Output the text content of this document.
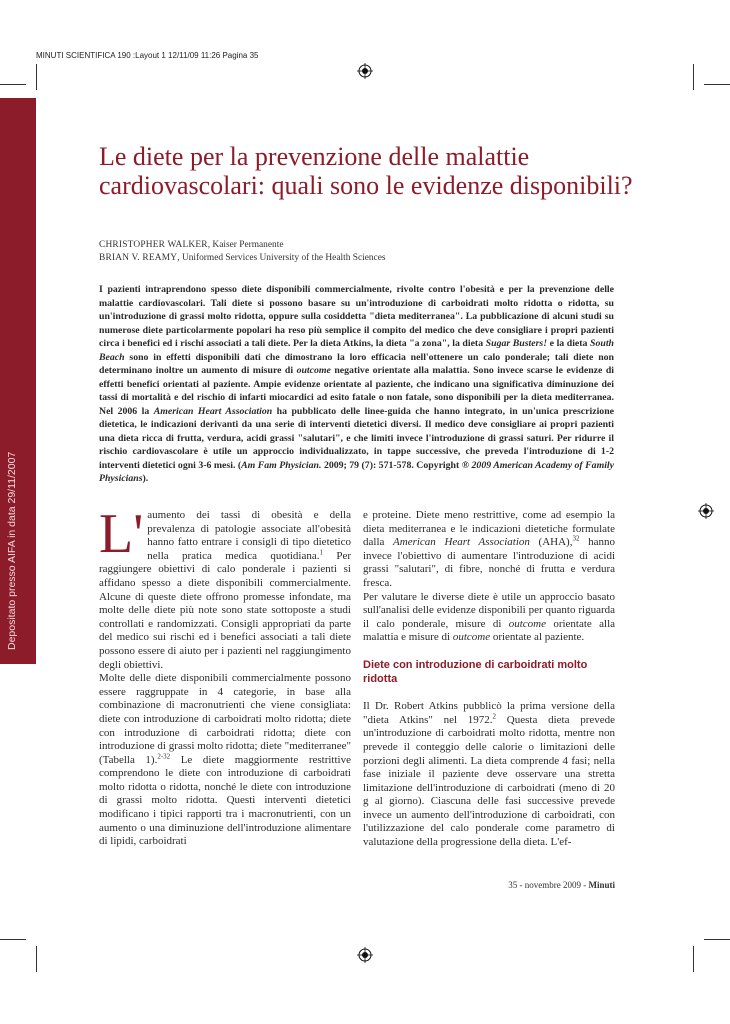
MINUTI SCIENTIFICA 190 :Layout 1 12/11/09 11:26 Pagina 35
Depositato presso AIFA in data 29/11/2007
Le diete per la prevenzione delle malattie cardiovascolari: quali sono le evidenze disponibili?
CHRISTOPHER WALKER, Kaiser Permanente
BRIAN V. REAMY, Uniformed Services University of the Health Sciences

I pazienti intraprendono spesso diete disponibili commercialmente, rivolte contro l'obesità e per la prevenzione delle malattie cardiovascolari. Tali diete si possono basare su un'introduzione di carboidrati molto ridotta o ridotta, su un'introduzione di grassi molto ridotta, oppure sulla cosiddetta "dieta mediterranea". La pubblicazione di alcuni studi su numerose diete particolarmente popolari ha reso più semplice il compito del medico che deve consigliare i propri pazienti circa i benefici ed i rischi associati a tali diete. Per la dieta Atkins, la dieta "a zona", la dieta Sugar Busters! e la dieta South Beach sono in effetti disponibili dati che dimostrano la loro efficacia nell'ottenere un calo ponderale; tali diete non determinano inoltre un aumento di misure di outcome negative orientate alla malattia. Sono invece scarse le evidenze di effetti benefici orientati al paziente. Ampie evidenze orientate al paziente, che indicano una significativa diminuzione dei tassi di mortalità e del rischio di infarti miocardici ad esito fatale o non fatale, sono disponibili per la dieta mediterranea. Nel 2006 la American Heart Association ha pubblicato delle linee-guida che hanno integrato, in un'unica prescrizione dietetica, le indicazioni derivanti da una serie di interventi dietetici diversi. Il medico deve consigliare ai propri pazienti una dieta ricca di frutta, verdura, acidi grassi "salutari", e che limiti invece l'introduzione di grassi saturi. Per ridurre il rischio cardiovascolare è utile un approccio individualizzato, in tappe successive, che preveda l'introduzione di 1-2 interventi dietetici ogni 3-6 mesi. (Am Fam Physician. 2009; 79 (7): 571-578. Copyright ® 2009 American Academy of Family Physicians).

L' aumento dei tassi di obesità e della prevalenza di patologie associate all'obesità hanno fatto entrare i consigli di tipo dietetico nella pratica medica quotidiana.$^1$ Per raggiungere obiettivi di calo ponderale i pazienti si affidano spesso a diete disponibili commercialmente. Alcune di queste diete offrono promesse infondate, ma molte delle diete più note sono state sottoposte a studi controllati e randomizzati. Consigli appropriati da parte del medico sui rischi ed i benefici associati a tali diete possono essere di aiuto per i pazienti nel raggiungimento degli obiettivi.

Molte delle diete disponibili commercialmente possono essere raggruppate in 4 categorie, in base alla combinazione di macronutrienti che viene consigliata: diete con introduzione di carboidrati molto ridotta; diete con introduzione di carboidrati ridotta; diete con introduzione di grassi molto ridotta; diete "mediterranee" (Tabella 1).$^{2-32}$ Le diete maggiormente restrittive comprendono le diete con introduzione di carboidrati molto ridotta o ridotta, nonché le diete con introduzione di grassi molto ridotta. Questi interventi dietetici modificano i tipici rapporti tra i macronutrienti, con un aumento o una diminuzione dell'introduzione alimentare di lipidi, carboidrati

e proteine. Diete meno restrittive, come ad esempio la dieta mediterranea e le indicazioni dietetiche formulate dalla American Heart Association (AHA),$^{32}$ hanno invece l'obiettivo di aumentare l'introduzione di acidi grassi "salutari", di fibre, nonché di frutta e verdura fresca.

Per valutare le diverse diete è utile un approccio basato sull'analisi delle evidenze disponibili per quanto riguarda il calo ponderale, misure di outcome orientate alla malattia e misure di outcome orientate al paziente.

Diete con introduzione di carboidrati molto ridotta

Il Dr. Robert Atkins pubblicò la prima versione della "dieta Atkins" nel 1972.$^2$ Questa dieta prevede un'introduzione di carboidrati molto ridotta, mentre non prevede il conteggio delle calorie o limitazioni delle porzioni degli alimenti. La dieta comprende 4 fasi; nella fase iniziale il paziente deve osservare una stretta limitazione dell'introduzione di carboidrati (meno di 20 g al giorno). Ciascuna delle fasi successive prevede invece un aumento dell'introduzione di carboidrati, con l'utilizzazione del calo ponderale come parametro di valutazione della progressione della dieta. L'ef-

35 - novembre 2009 - Minuti
